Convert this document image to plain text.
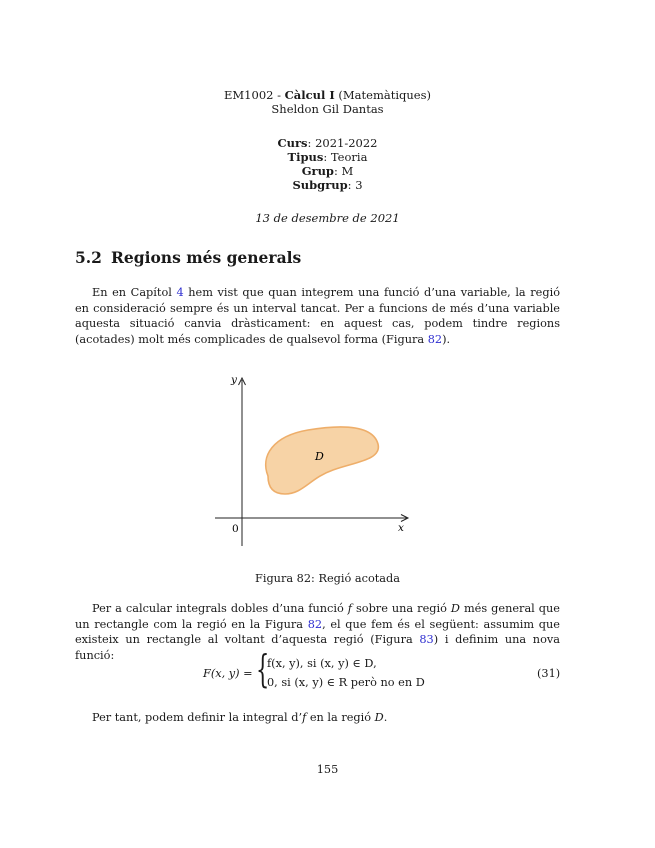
EM1002 - Càlcul I (Matemàtiques)
Sheldon Gil Dantas
Curs: 2021-2022
Tipus: Teoria
Grup: M
Subgrup: 3
13 de desembre de 2021
5.2 Regions més generals
En en Capítol 4 hem vist que quan integrem una funció d’una variable, la regió en consideració sempre és un interval tancat. Per a funcions de més d’una variable aquesta situació canvia dràsticament: en aquest cas, podem tindre regions (acotades) molt més complicades de qualsevol forma (Figura 82).
y
x
0
D
Figura 82: Regió acotada
Per a calcular integrals dobles d’una funció f sobre una regió D més general que un rectangle com la regió en la Figura 82, el que fem és el següent: assumim que existeix un rectangle al voltant d’aquesta regió (Figura 83) i definim una nova funció:
F(x, y) = {
f(x, y), si (x, y) ∈ D,
0, si (x, y) ∈ R però no en D
(31)
Per tant, podem definir la integral d’f en la regió D.
155
